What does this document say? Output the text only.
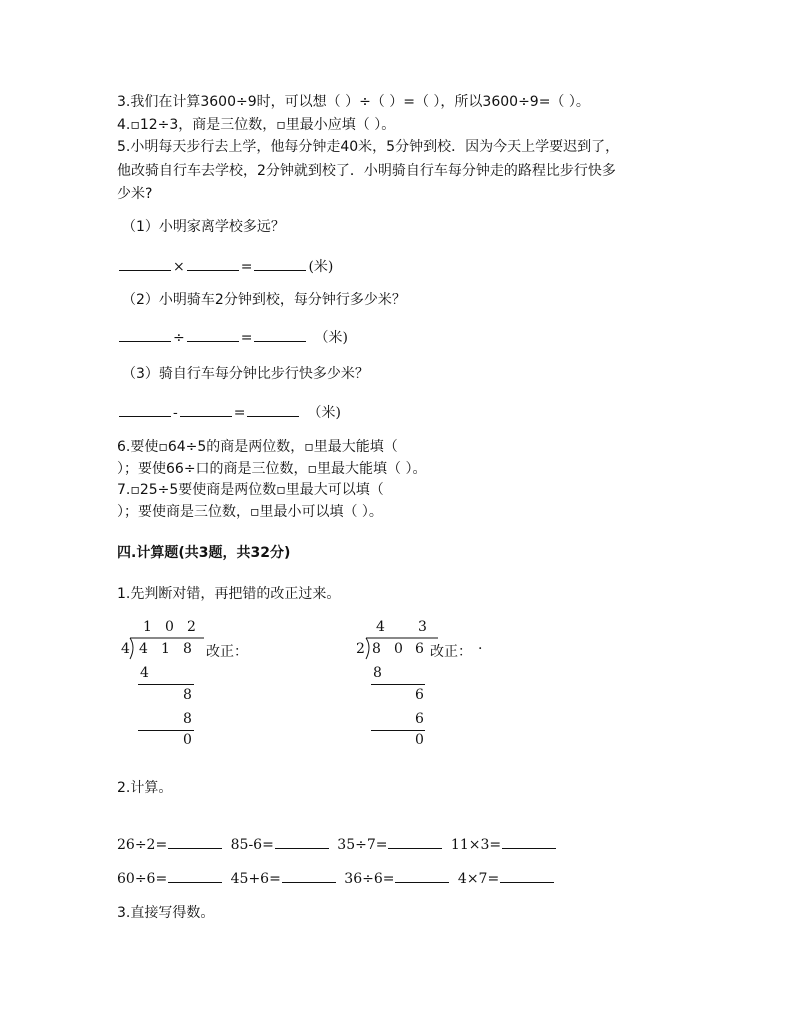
3.我们在计算3600÷9时，可以想（ ）÷（ ）=（ ），所以3600÷9=（ ）。
4.▫12÷3，商是三位数，▫里最小应填（ ）。
5.小明每天步行去上学，他每分钟走40米，5分钟到校．因为今天上学要迟到了，
他改骑自行车去学校，2分钟就到校了．小明骑自行车每分钟走的路程比步行快多
少米?
（1）小明家离学校多远？
×	=	(米)
（2）小明骑车2分钟到校，每分钟行多少米？
÷	=	（米)
（3）骑自行车每分钟比步行快多少米？
-	=	（米)
6.要使▫64÷5的商是两位数，▫里最大能填（
）；要使66÷口的商是三位数，▫里最大能填（ ）。
7.▫25÷5要使商是两位数▫里最大可以填（
）；要使商是三位数，▫里最小可以填（ ）。
四.计算题(共3题，共32分)
1.先判断对错，再把错的改正过来。
1 0 2
4 4 1 8 改正：
4
8
8
0
4 3
2 8 0 6 改正： ·
8
6
6
0
2.计算。
26÷2=	85-6=	35÷7=	11×3=
60÷6=	45+6=	36÷6=	4×7=
3.直接写得数。
